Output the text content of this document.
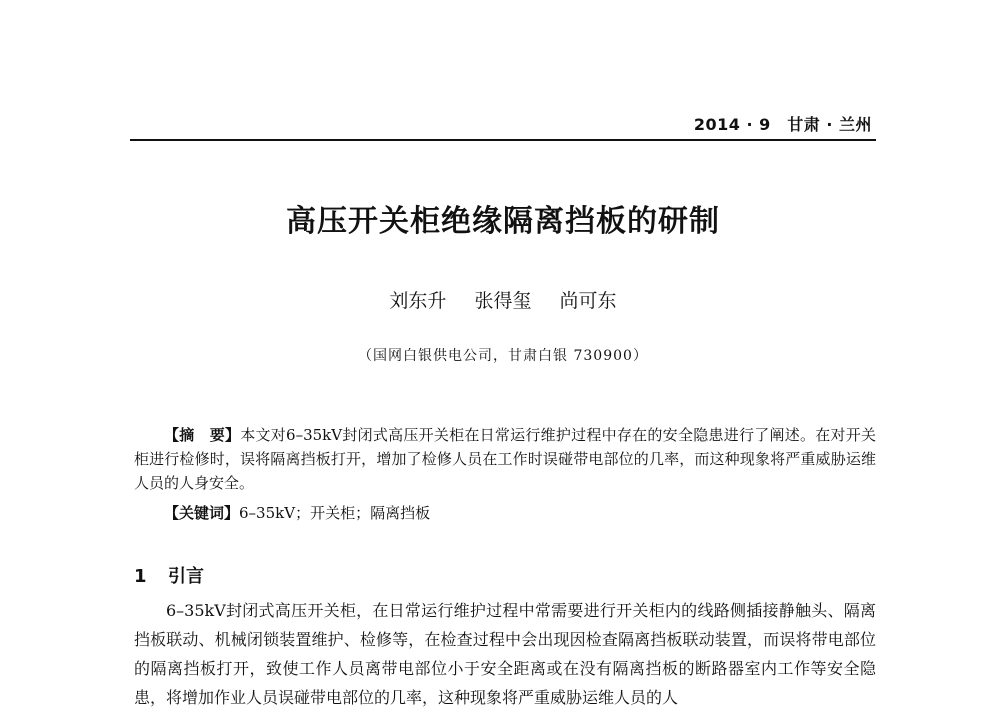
2014 · 9　甘肃 · 兰州
高压开关柜绝缘隔离挡板的研制
刘东升 张得玺 尚可东
（国网白银供电公司，甘肃白银 730900）

【摘　要】本文对6–35kV封闭式高压开关柜在日常运行维护过程中存在的安全隐患进行了阐述。在对开关柜进行检修时，误将隔离挡板打开，增加了检修人员在工作时误碰带电部位的几率，而这种现象将严重威胁运维人员的人身安全。

【关键词】6–35kV；开关柜；隔离挡板

1 引言

6–35kV封闭式高压开关柜，在日常运行维护过程中常需要进行开关柜内的线路侧插接静触头、隔离挡板联动、机械闭锁装置维护、检修等，在检查过程中会出现因检查隔离挡板联动装置，而误将带电部位的隔离挡板打开，致使工作人员离带电部位小于安全距离或在没有隔离挡板的断路器室内工作等安全隐患，将增加作业人员误碰带电部位的几率，这种现象将严重威胁运维人员的人
